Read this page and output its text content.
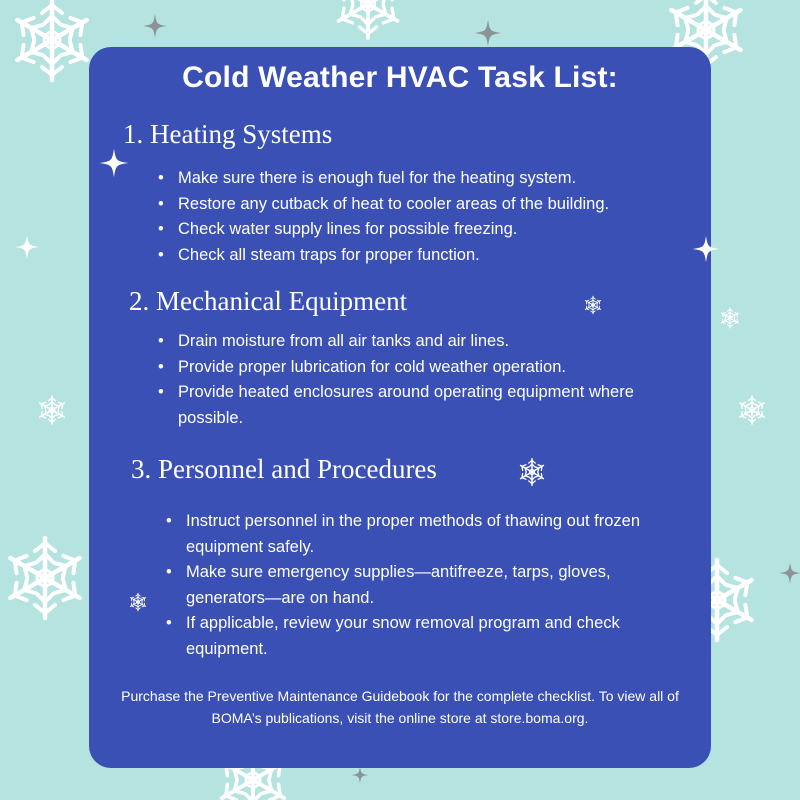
Cold Weather HVAC Task List:
1. Heating Systems
• Make sure there is enough fuel for the heating system.
• Restore any cutback of heat to cooler areas of the building.
• Check water supply lines for possible freezing.
• Check all steam traps for proper function.
2. Mechanical Equipment
• Drain moisture from all air tanks and air lines.
• Provide proper lubrication for cold weather operation.
• Provide heated enclosures around operating equipment where possible.
3. Personnel and Procedures
• Instruct personnel in the proper methods of thawing out frozen equipment safely.
• Make sure emergency supplies—antifreeze, tarps, gloves, generators—are on hand.
• If applicable, review your snow removal program and check equipment.
Purchase the Preventive Maintenance Guidebook for the complete checklist. To view all of BOMA’s publications, visit the online store at store.boma.org.
